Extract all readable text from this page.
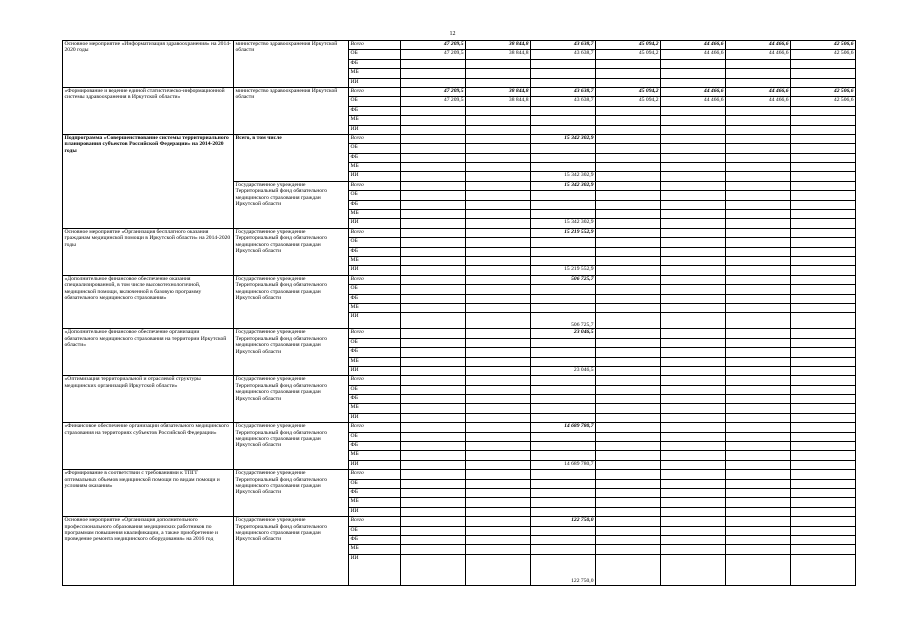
12
Основное мероприятие «Информатизация здравоохранения» на 2014-2020 годы	министерство здравоохранения Иркутской области	Всего	47 209,5	38 844,8	43 638,7	45 094,2	44 466,6	44 466,6	42 506,6
		ОБ	47 209,5	38 844,8	43 638,7	45 094,2	44 466,6	44 466,6	42 506,6
		ФБ							
		МБ							
		ИИ							
«Формирование и ведение единой статистическо-информационной системы здравоохранения в Иркутской области»	министерство здравоохранения Иркутской области	Всего	47 209,5	38 844,8	43 638,7	45 094,2	44 466,6	44 466,6	42 506,6
		ОБ	47 209,5	38 844,8	43 638,7	45 094,2	44 466,6	44 466,6	42 506,6
		ФБ							
		МБ							
		ИИ							
Подпрограмма «Совершенствование системы территориального планирования субъектов Российской Федерации» на 2014-2020 годы	Всего, в том числе	Всего			15 342 302,9				
		ОБ							
		ФБ							
		МБ							
		ИИ			15 342 302,9				
	Государственное учреждение Территориальный фонд обязательного медицинского страхования граждан Иркутской области	Всего			15 342 302,9				
		ОБ							
		ФБ							
		МБ							
		ИИ			15 342 302,9				
Основное мероприятие «Организация бесплатного оказания гражданам медицинской помощи в Иркутской области» на 2014-2020 годы	Государственное учреждение Территориальный фонд обязательного медицинского страхования граждан Иркутской области	Всего			15 219 552,9				
		ОБ							
		ФБ							
		МБ							
		ИИ			15 219 552,9				
«Дополнительное финансовое обеспечение оказания специализированной, в том числе высокотехнологичной, медицинской помощи, включенной в базовую программу обязательного медицинского страхования»	Государственное учреждение Территориальный фонд обязательного медицинского страхования граждан Иркутской области	Всего			506 725,7				
		ОБ							
		ФБ							
		МБ							
		ИИ			506 725,7				
«Дополнительное финансовое обеспечение организации обязательного медицинского страхования на территории Иркутской области»	Государственное учреждение Территориальный фонд обязательного медицинского страхования граждан Иркутской области	Всего			23 046,5				
		ОБ							
		ФБ							
		МБ							
		ИИ			23 046,5				
«Оптимизация территориальной и отраслевой структуры медицинских организаций Иркутской области»	Государственное учреждение Территориальный фонд обязательного медицинского страхования граждан Иркутской области	Всего							
		ОБ							
		ФБ							
		МБ							
		ИИ							
«Финансовое обеспечение организации обязательного медицинского страхования на территориях субъектов Российской Федерации»	Государственное учреждение Территориальный фонд обязательного медицинского страхования граждан Иркутской области	Всего			14 689 780,7				
		ОБ							
		ФБ							
		МБ							
		ИИ			14 689 780,7				
«Формирование в соответствии с требованиями к ТПГГ оптимальных объемов медицинской помощи по видам помощи и условиям оказания»	Государственное учреждение Территориальный фонд обязательного медицинского страхования граждан Иркутской области	Всего							
		ОБ							
		ФБ							
		МБ							
		ИИ							
Основное мероприятие «Организация дополнительного профессионального образования медицинских работников по программам повышения квалификации, а также приобретение и проведение ремонта медицинского оборудования» на 2016 год	Государственное учреждение Территориальный фонд обязательного медицинского страхования граждан Иркутской области	Всего			122 750,0				
		ОБ							
		ФБ							
		МБ							
		ИИ			122 750,0				
